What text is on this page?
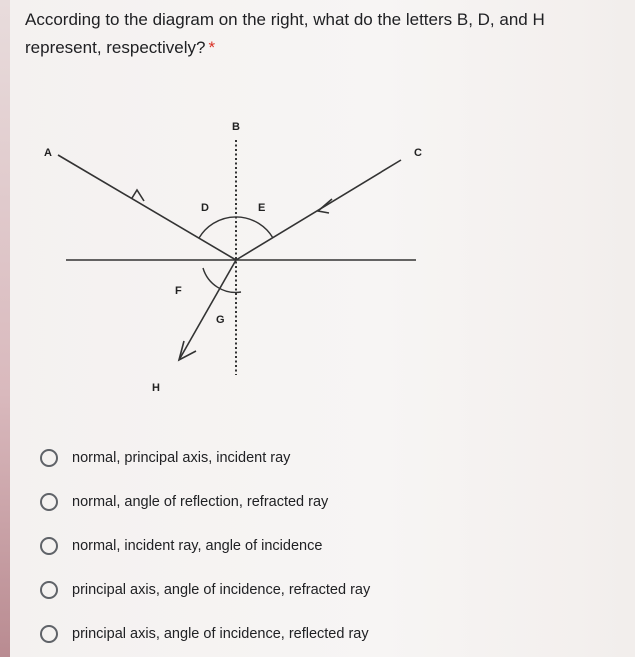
According to the diagram on the right, what do the letters B, D, and H represent, respectively? *
A
B
C
D	E
F
G
H
normal, principal axis, incident ray
normal, angle of reflection, refracted ray
normal, incident ray, angle of incidence
principal axis, angle of incidence, refracted ray
principal axis, angle of incidence, reflected ray
